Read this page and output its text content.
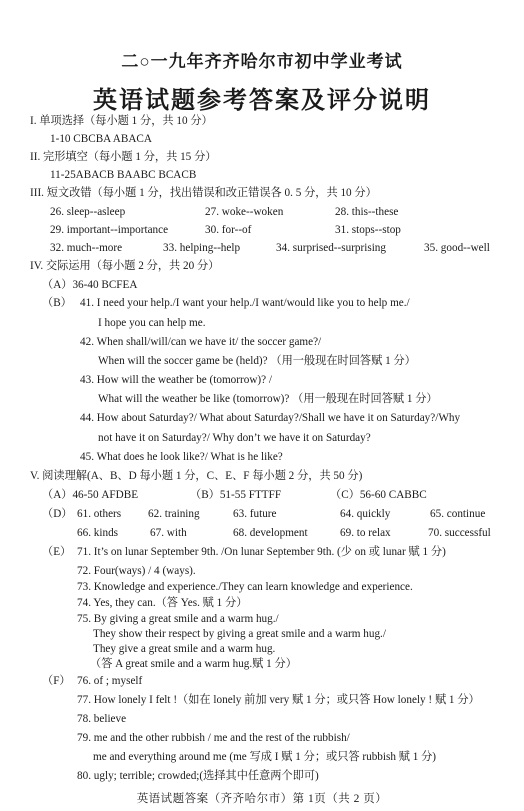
二○一九年齐齐哈尔市初中学业考试
英语试题参考答案及评分说明
I. 单项选择（每小题 1 分，共 10 分）
1-10 CBCBA ABACA
II. 完形填空（每小题 1 分，共 15 分）
11-25ABACB BAABC BCACB
III. 短文改错（每小题 1 分，找出错误和改正错误各 0. 5 分，共 10 分）
26. sleep--asleep	27. woke--woken	28. this--these
29. important--importance	30. for--of	31. stops--stop
32. much--more	33. helping--help	34. surprised--surprising	35. good--well
IV. 交际运用（每小题 2 分，共 20 分）
（A）36-40 BCFEA
（B） 41. I need your help./I want your help./I want/would like you to help me./
I hope you can help me.
42. When shall/will/can we have it/ the soccer game?/
When will the soccer game be (held)? （用一般现在时回答赋 1 分）
43. How will the weather be (tomorrow)? /
What will the weather be like (tomorrow)? （用一般现在时回答赋 1 分）
44. How about Saturday?/ What about Saturday?/Shall we have it on Saturday?/Why
not have it on Saturday?/ Why don’t we have it on Saturday?
45. What does he look like?/ What is he like?
V. 阅读理解(A、B、D 每小题 1 分，C、E、F 每小题 2 分，共 50 分)
（A）46-50 AFDBE	（B）51-55 FTTFF	（C）56-60 CABBC
（D） 61. others 62. training	63. future	64. quickly	65. continue
66. kinds	67. with	68. development	69. to relax	70. successful
（E） 71. It’s on lunar September 9th. /On lunar September 9th. (少 on 或 lunar 赋 1 分)
72. Four(ways) / 4 (ways).
73. Knowledge and experience./They can learn knowledge and experience.
74. Yes, they can.（答 Yes. 赋 1 分）
75. By giving a great smile and a warm hug./
They show their respect by giving a great smile and a warm hug./
They give a great smile and a warm hug.
（答 A great smile and a warm hug.赋 1 分）
（F） 76. of ; myself
77. How lonely I felt !（如在 lonely 前加 very 赋 1 分；或只答 How lonely ! 赋 1 分）
78. believe
79. me and the other rubbish / me and the rest of the rubbish/
me and everything around me (me 写成 I 赋 1 分；或只答 rubbish 赋 1 分)
80. ugly; terrible; crowded;(选择其中任意两个即可)
英语试题答案（齐齐哈尔市）第 1页（共 2 页）
